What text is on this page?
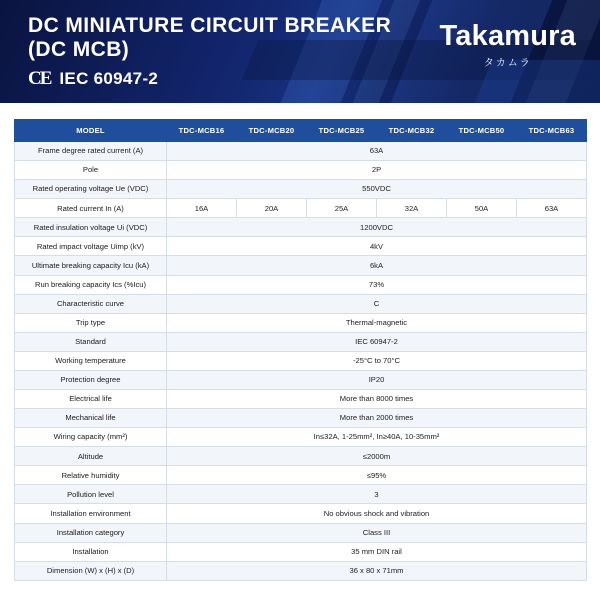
DC MINIATURE CIRCUIT BREAKER
(DC MCB)
CE IEC 60947-2
Takamura
タカムラ
MODEL	TDC-MCB16	TDC-MCB20	TDC-MCB25	TDC-MCB32	TDC-MCB50	TDC-MCB63
Frame degree rated current (A)	63A					
Pole	2P					
Rated operating voltage Ue (VDC)	550VDC					
Rated current In (A)	16A	20A	25A	32A	50A	63A
Rated insulation voltage Ui (VDC)	1200VDC					
Rated impact voltage Uimp (kV)	4kV					
Ultimate breaking capacity Icu (kA)	6kA					
Run breaking capacity Ics (%Icu)	73%					
Characteristic curve	C					
Trip type	Thermal-magnetic					
Standard	IEC 60947-2					
Working temperature	-25°C to 70°C					
Protection degree	IP20					
Electrical life	More than 8000 times					
Mechanical life	More than 2000 times					
Wiring capacity (mm²)	In≤32A, 1-25mm², In≥40A, 10-35mm²					
Altitude	≤2000m					
Relative humidity	≤95%					
Pollution level	3					
Installation environment	No obvious shock and vibration					
Installation category	Class III					
Installation	35 mm DIN rail					
Dimension (W) x (H) x (D)	36 x 80 x 71mm					
